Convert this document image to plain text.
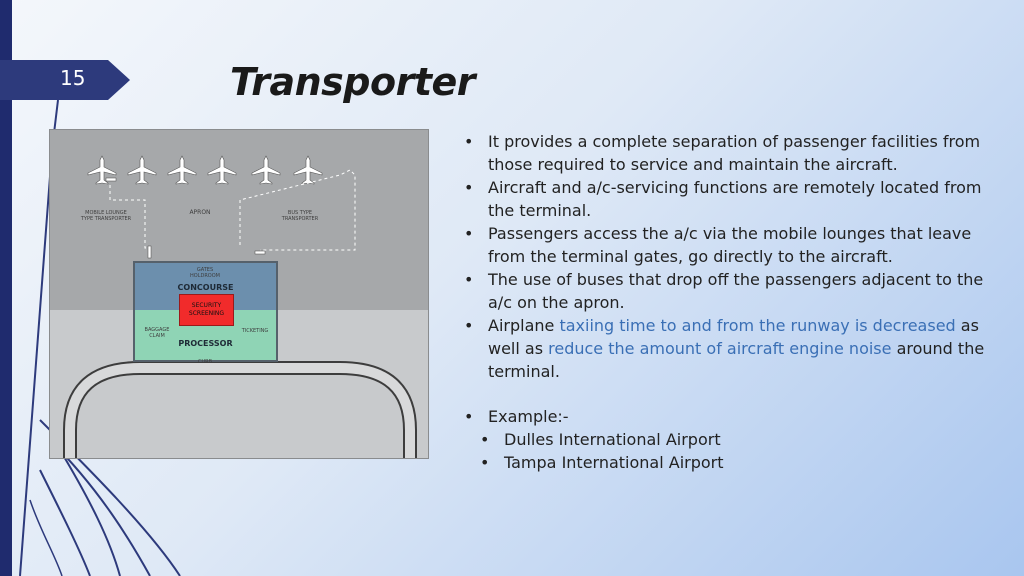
15	Transporter
MOBILE LOUNGE
TYPE TRANSPORTER
APRON	BUS TYPE
TRANSPORTER
GATES
HOLDROOM
CONCOURSE
SECURITY
SCREENING
BAGGAGE
CLAIM
TICKETING
PROCESSOR
CURB
• It provides a complete separation of passenger facilities from those required to service and maintain the aircraft.
• Aircraft and a/c-servicing functions are remotely located from the terminal.
• Passengers access the a/c via the mobile lounges that leave from the terminal gates, go directly to the aircraft.
• The use of buses that drop off the passengers adjacent to the a/c on the apron.
• Airplane taxiing time to and from the runway is decreased as well as reduce the amount of aircraft engine noise around the terminal.
• Example:-
• Dulles International Airport
• Tampa International Airport
